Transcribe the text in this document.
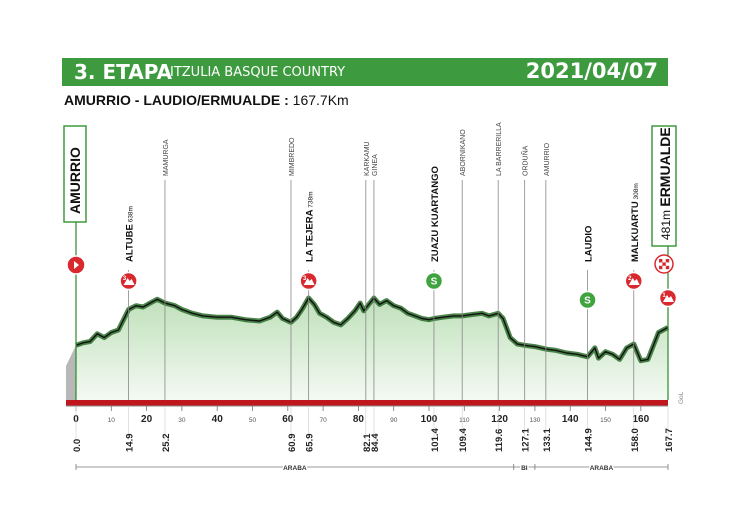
3. ETAPA
ITZULIA BASQUE COUNTRY	2021/04/07
AMURRIO - LAUDIO/ERMUALDE : 167.7Km
0	10	20	30	40	50	60	70	80	90 100	110 120	130 140	150 160
MAMURGA	MIMBREDO	KARKAMU GINEA	ABORNIKANO	LA BARRERILLA	ORDUÑA AMURRIO
ALTUBE 638m	LA TEJERA 738m	ZUAZU KUARTANGO	LAUDIO	MALKUARTU 308m
AMURRIO
481m ERMUALDE
3	3	S
S
2
1
0.0	14.9	25.2	60.9 65.9	82.1
84.4	101.4 109.4	119.6 127.1 133.1	144.9	158.0 167.7
ARABA	BI	ARABA
GoL
